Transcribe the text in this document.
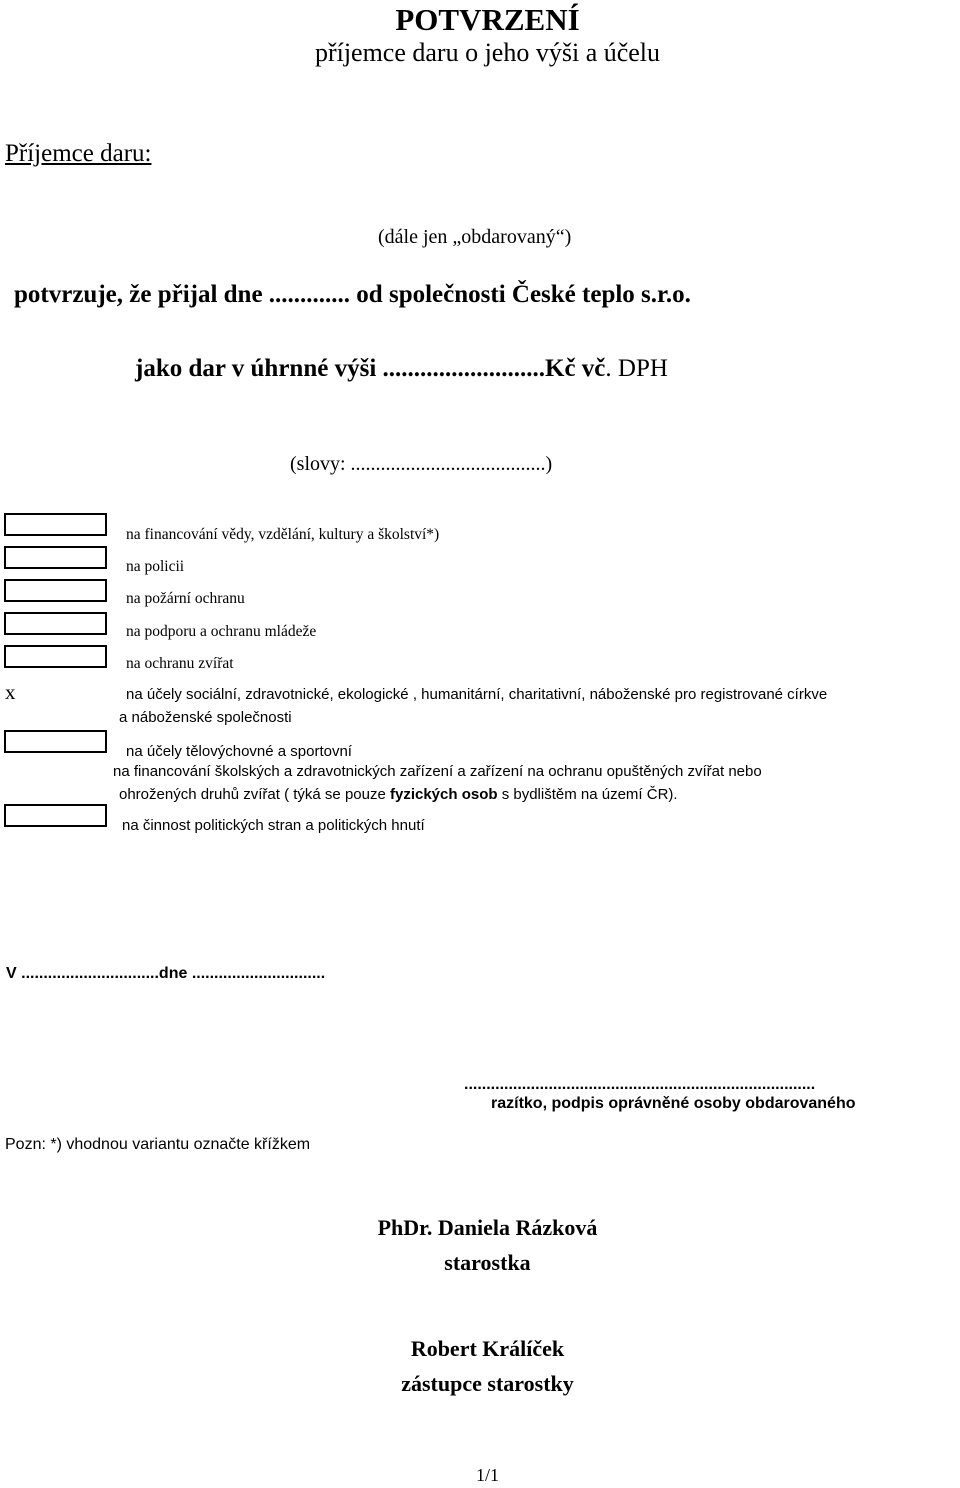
POTVRZENÍ
příjemce daru o jeho výši a účelu
Příjemce daru:
(dále jen „obdarovaný“)
potvrzuje, že přijal dne ............. od společnosti České teplo s.r.o.
jako dar v úhrnné výši ..........................Kč vč. DPH
(slovy: .......................................)
x
na financování vědy, vzdělání, kultury a školství*)
na policii
na požární ochranu
na podporu a ochranu mládeže
na ochranu zvířat
na účely sociální, zdravotnické, ekologické , humanitární, charitativní, náboženské pro registrované církve
a náboženské společnosti
na účely tělovýchovné a sportovní
na financování školských a zdravotnických zařízení a zařízení na ochranu opuštěných zvířat nebo
ohrožených druhů zvířat ( týká se pouze fyzických osob s bydlištěm na území ČR).
na činnost politických stran a politických hnutí
V ...............................dne ..............................
...............................................................................
razítko, podpis oprávněné osoby obdarovaného
Pozn: *) vhodnou variantu označte křížkem
PhDr. Daniela Rázková
starostka
Robert Králíček
zástupce starostky
1/1
